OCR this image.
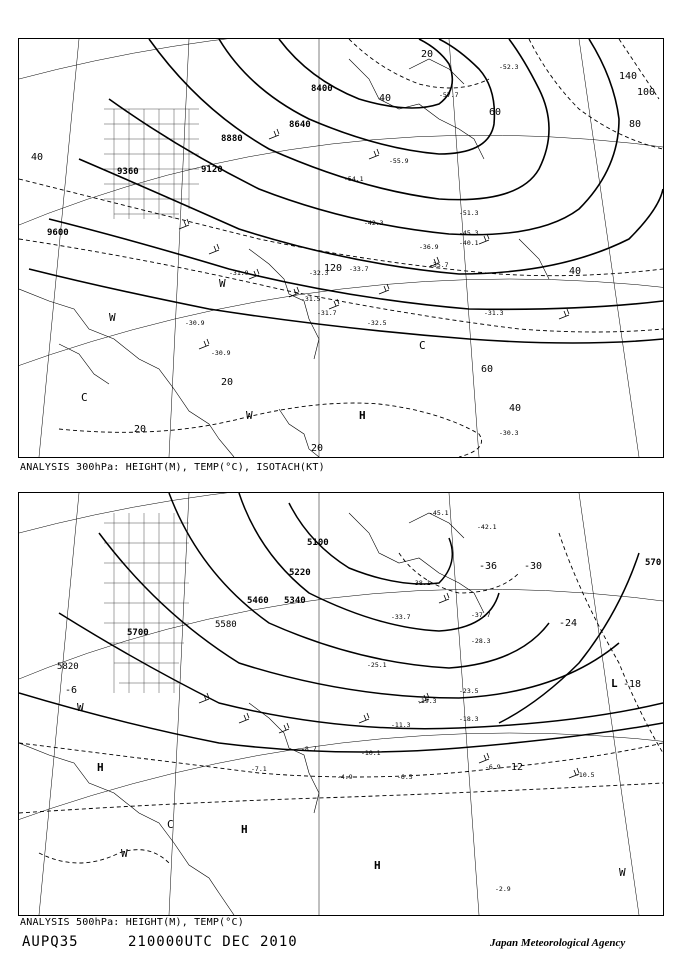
8400
8640
8880
9120
9360
9600
20
40
60
80
100
120
140
20
20
20
40
60
40
40
-57.7
-52.3
-55.9
-54.1
-51.3
-45.3
-42.3
-40.1
-36.9
-35.7
-33.7
-32.3
-31.9
-31.5
-32.5
-31.7
-30.9
-30.3
-31.3
-30.9
H
C
C
W
W
W
ANALYSIS 300hPa: HEIGHT(M), TEMP(°C), ISOTACH(KT)
5100
5220
5340
5460
5580
5700
5820
570
-36	-30
-24
-18
-12
-6
-45.1
-42.1
-38.1
-37.7
-33.7
-28.3
-25.1
-23.5
-19.3
-18.3
-11.3
-10.1
-10.5
-8.7
-7.1	-6.9
-6.5
-4.9
-2.9
H
H
H
L
W
W
W
C
ANALYSIS 500hPa: HEIGHT(M), TEMP(°C)
AUPQ35	210000UTC DEC 2010	Japan Meteorological Agency
